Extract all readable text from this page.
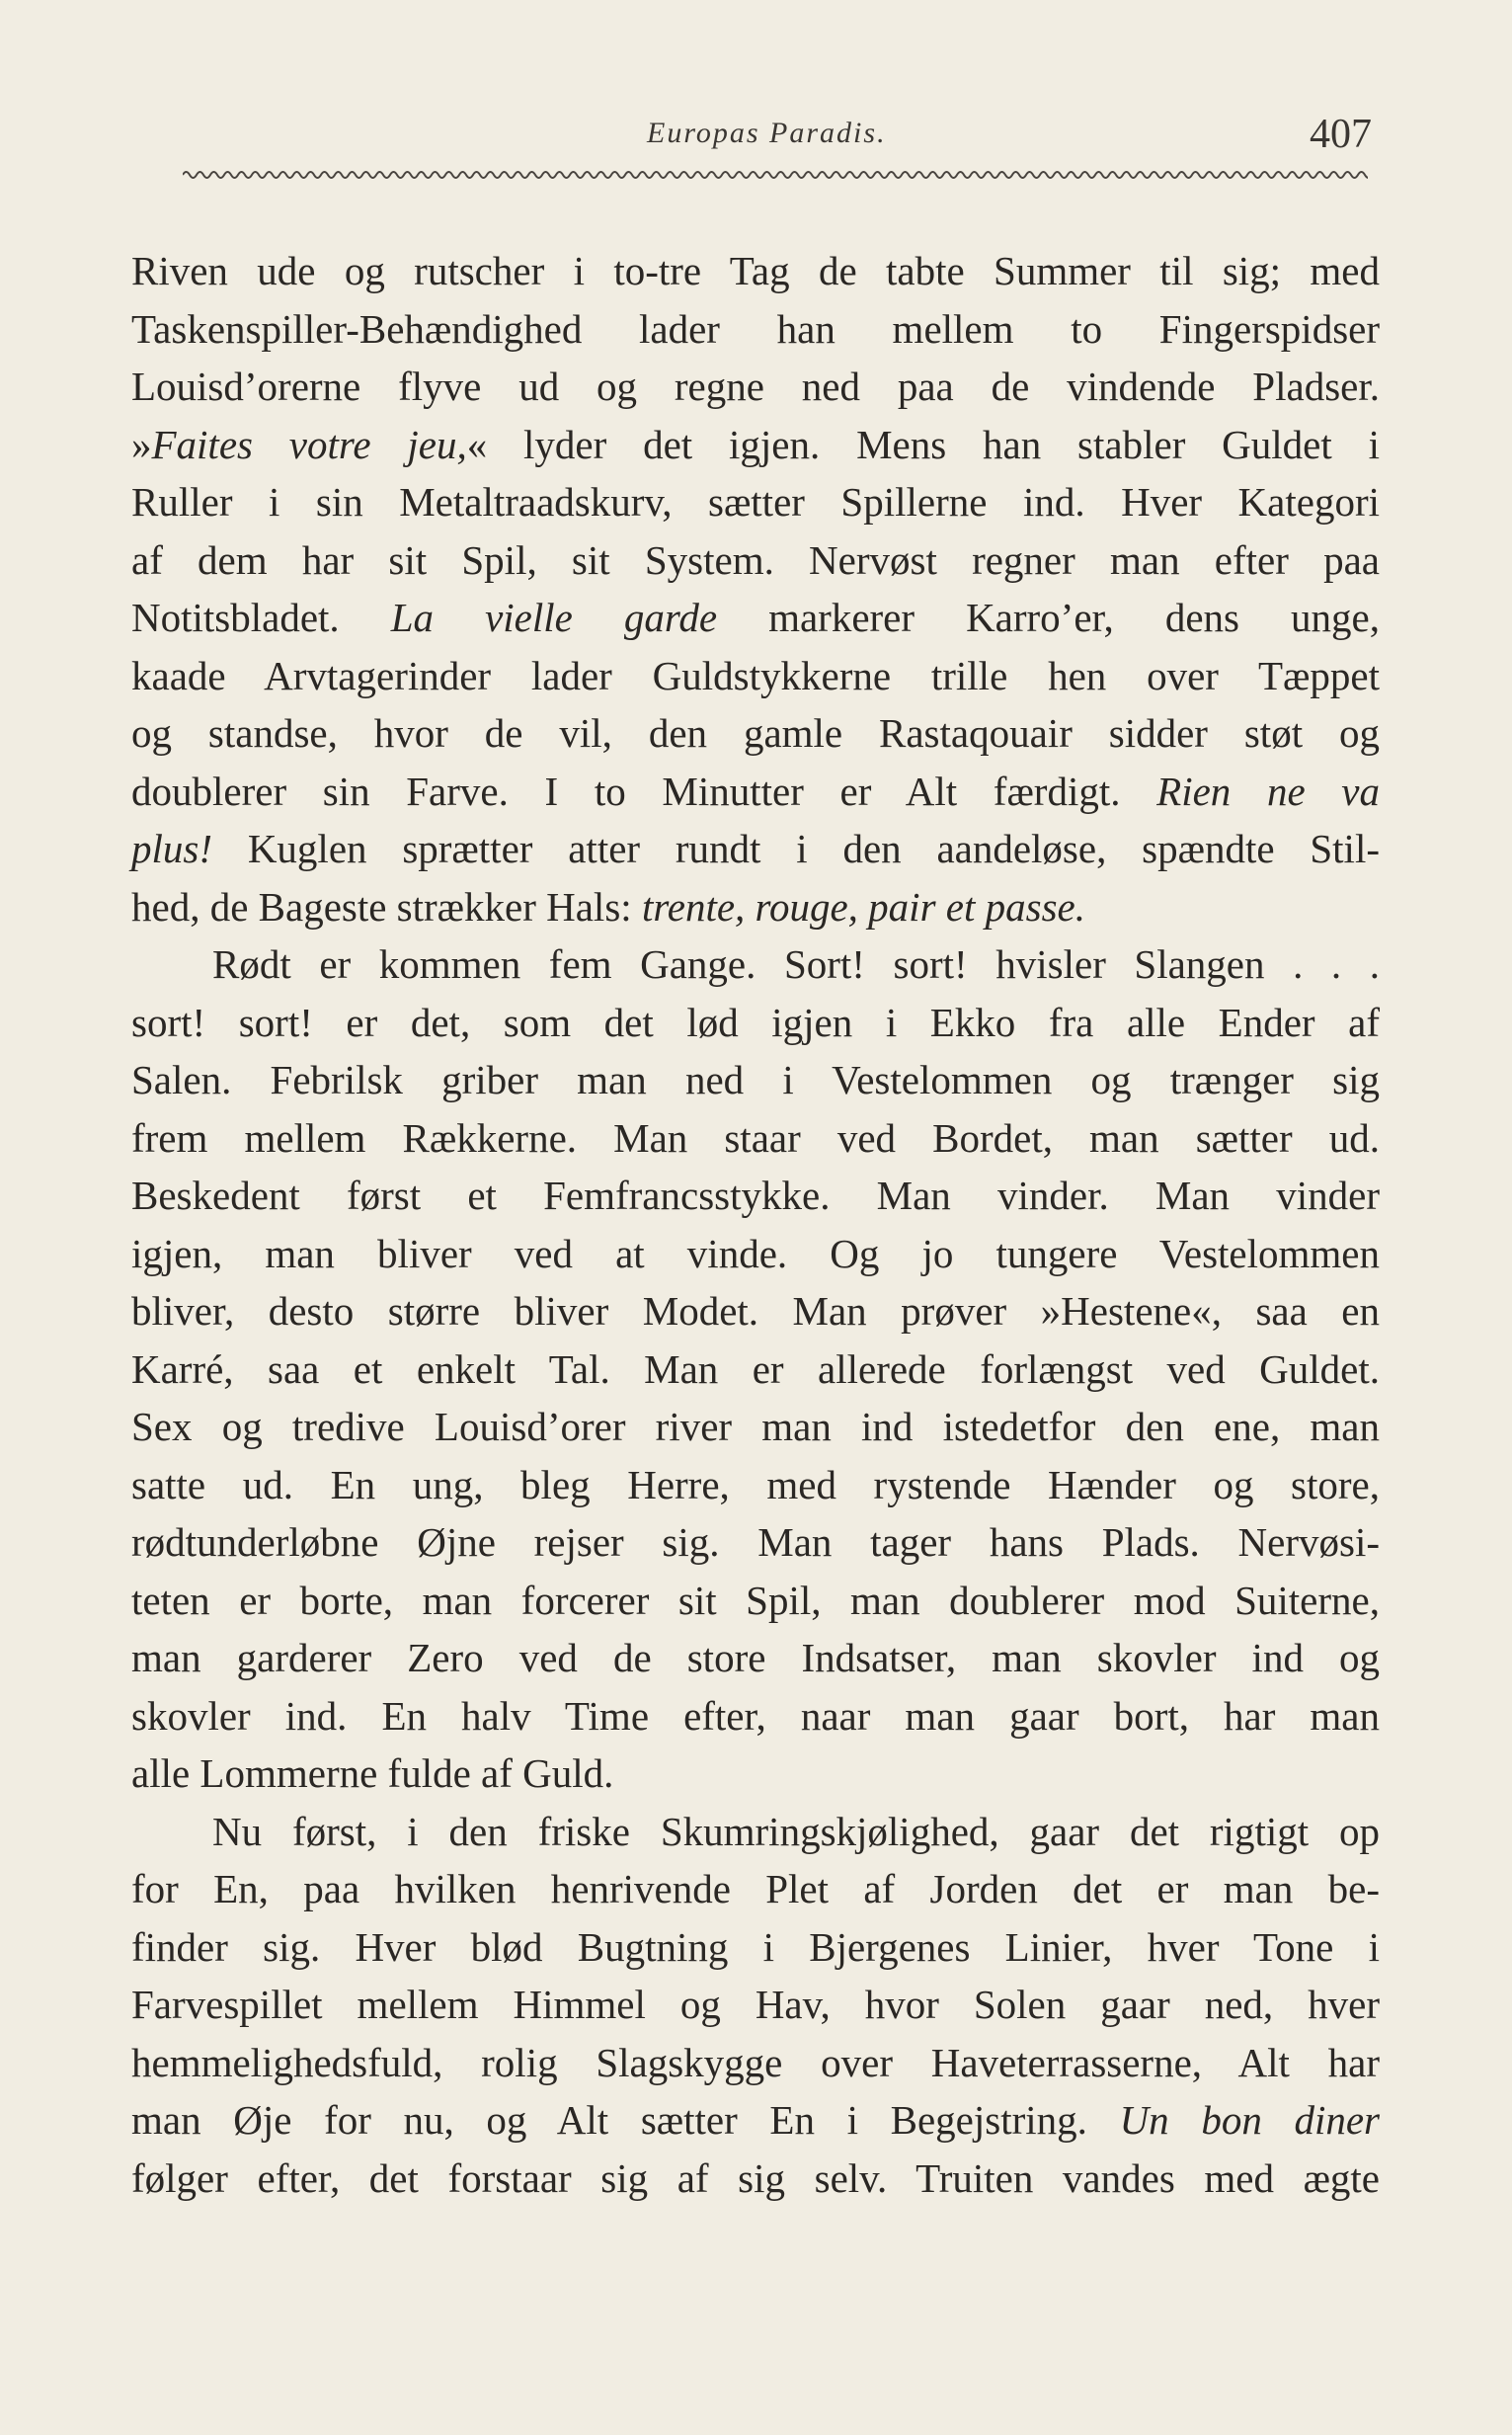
Europas Paradis.	407
Riven ude og rutscher i to-tre Tag de tabte Summer til sig; med
Taskenspiller-Behændighed lader han mellem to Fingerspidser
Louisd’orerne flyve ud og regne ned paa de vindende Pladser.
»Faites votre jeu,« lyder det igjen. Mens han stabler Guldet i
Ruller i sin Metaltraadskurv, sætter Spillerne ind. Hver Kategori
af dem har sit Spil, sit System. Nervøst regner man efter paa
Notitsbladet. La vielle garde markerer Karro’er, dens unge,
kaade Arvtagerinder lader Guldstykkerne trille hen over Tæppet
og standse, hvor de vil, den gamle Rastaqouair sidder støt og
doublerer sin Farve. I to Minutter er Alt færdigt. Rien ne va
plus! Kuglen sprætter atter rundt i den aandeløse, spændte Stil-
hed, de Bageste strækker Hals: trente, rouge, pair et passe.
Rødt er kommen fem Gange. Sort! sort! hvisler Slangen . . .
sort! sort! er det, som det lød igjen i Ekko fra alle Ender af
Salen. Febrilsk griber man ned i Vestelommen og trænger sig
frem mellem Rækkerne. Man staar ved Bordet, man sætter ud.
Beskedent først et Femfrancsstykke. Man vinder. Man vinder
igjen, man bliver ved at vinde. Og jo tungere Vestelommen
bliver, desto større bliver Modet. Man prøver »Hestene«, saa en
Karré, saa et enkelt Tal. Man er allerede forlængst ved Guldet.
Sex og tredive Louisd’orer river man ind istedetfor den ene, man
satte ud. En ung, bleg Herre, med rystende Hænder og store,
rødtunderløbne Øjne rejser sig. Man tager hans Plads. Nervøsi-
teten er borte, man forcerer sit Spil, man doublerer mod Suiterne,
man garderer Zero ved de store Indsatser, man skovler ind og
skovler ind. En halv Time efter, naar man gaar bort, har man
alle Lommerne fulde af Guld.
Nu først, i den friske Skumringskjølighed, gaar det rigtigt op
for En, paa hvilken henrivende Plet af Jorden det er man be-
finder sig. Hver blød Bugtning i Bjergenes Linier, hver Tone i
Farvespillet mellem Himmel og Hav, hvor Solen gaar ned, hver
hemmelighedsfuld, rolig Slagskygge over Haveterrasserne, Alt har
man Øje for nu, og Alt sætter En i Begejstring. Un bon diner
følger efter, det forstaar sig af sig selv. Truiten vandes med ægte
